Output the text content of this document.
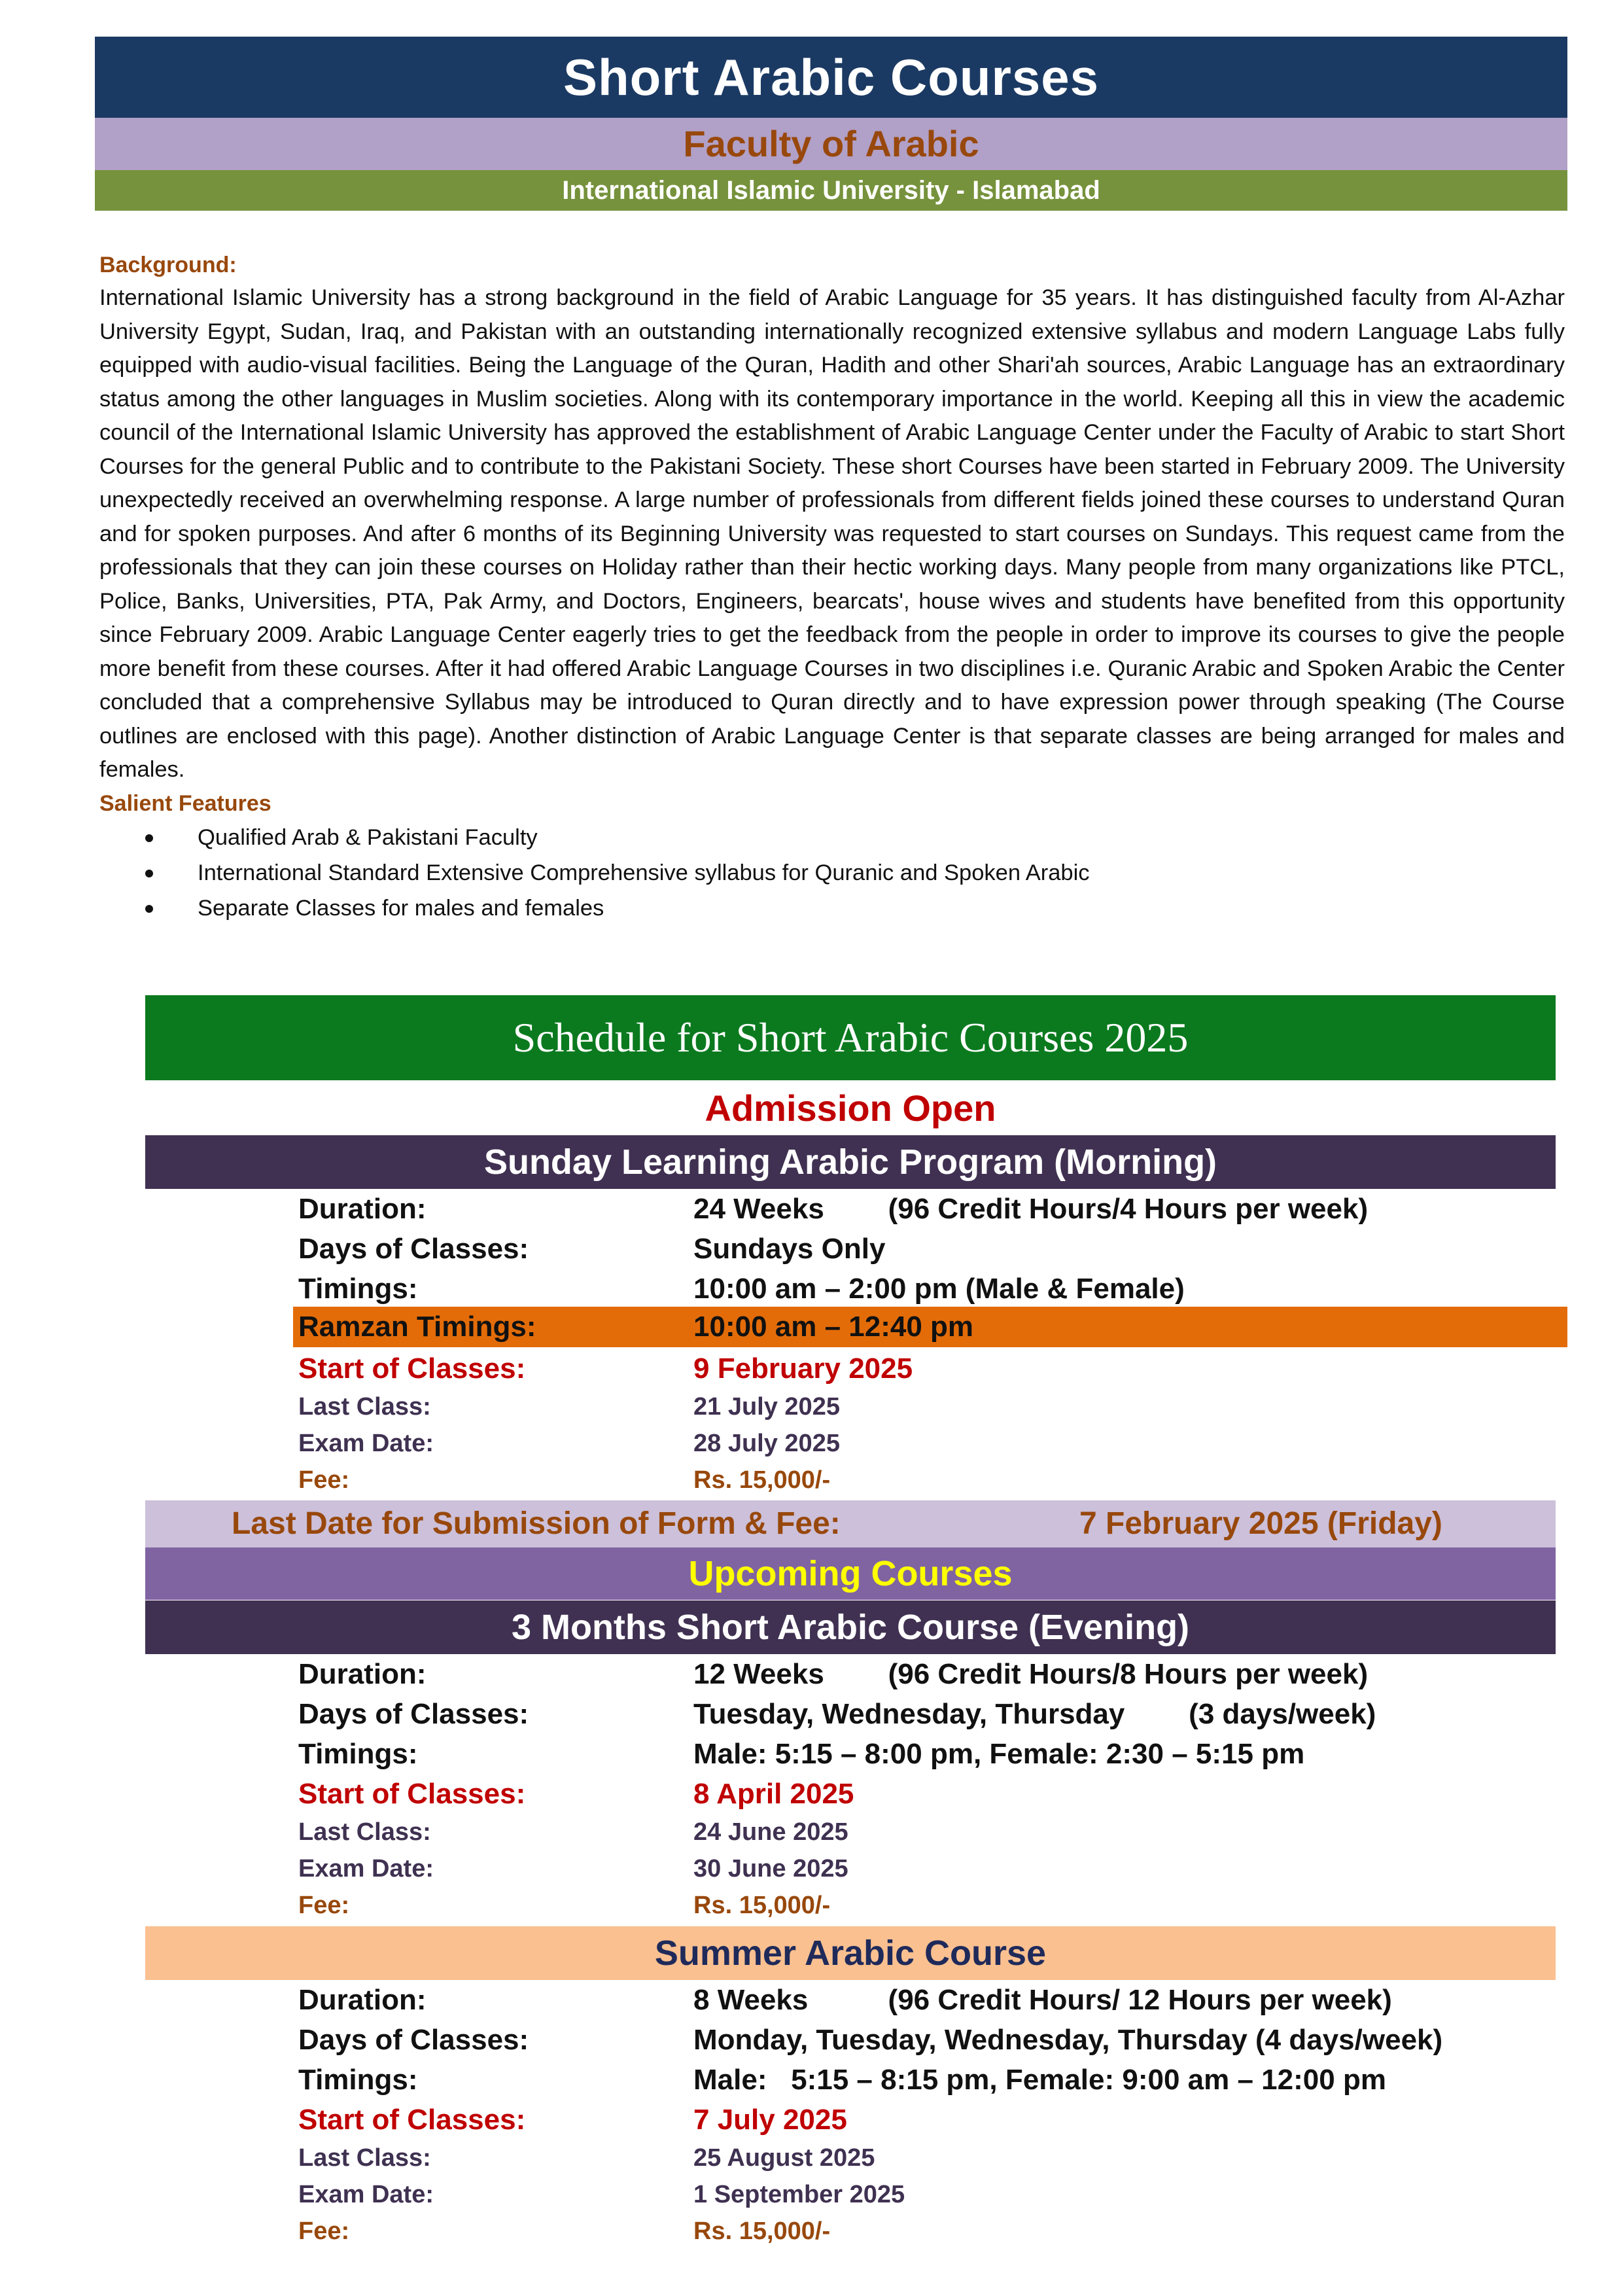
Short Arabic Courses
Faculty of Arabic
International Islamic University - Islamabad
Background:

International Islamic University has a strong background in the field of Arabic Language for 35 years. It has distinguished faculty from Al-Azhar University Egypt, Sudan, Iraq, and Pakistan with an outstanding internationally recognized extensive syllabus and modern Language Labs fully equipped with audio-visual facilities. Being the Language of the Quran, Hadith and other Shari'ah sources, Arabic Language has an extraordinary status among the other languages in Muslim societies. Along with its contemporary importance in the world. Keeping all this in view the academic council of the International Islamic University has approved the establishment of Arabic Language Center under the Faculty of Arabic to start Short Courses for the general Public and to contribute to the Pakistani Society. These short Courses have been started in February 2009. The University unexpectedly received an overwhelming response. A large number of professionals from different fields joined these courses to understand Quran and for spoken purposes. And after 6 months of its Beginning University was requested to start courses on Sundays. This request came from the professionals that they can join these courses on Holiday rather than their hectic working days. Many people from many organizations like PTCL, Police, Banks, Universities, PTA, Pak Army, and Doctors, Engineers, bearcats', house wives and students have benefited from this opportunity since February 2009. Arabic Language Center eagerly tries to get the feedback from the people in order to improve its courses to give the people more benefit from these courses. After it had offered Arabic Language Courses in two disciplines i.e. Quranic Arabic and Spoken Arabic the Center concluded that a comprehensive Syllabus may be introduced to Quran directly and to have expression power through speaking (The Course outlines are enclosed with this page). Another distinction of Arabic Language Center is that separate classes are being arranged for males and females.

Salient Features
Qualified Arab & Pakistani Faculty
International Standard Extensive Comprehensive syllabus for Quranic and Spoken Arabic
Separate Classes for males and females
Schedule for Short Arabic Courses 2025
Admission Open
Sunday Learning Arabic Program (Morning)
Duration:	24 Weeks        (96 Credit Hours/4 Hours per week)
Days of Classes:	Sundays Only
Timings:	10:00 am – 2:00 pm (Male & Female)
Ramzan Timings:	10:00 am – 12:40 pm
Start of Classes:	9 February 2025
Last Class:	21 July 2025
Exam Date:	28 July 2025
Fee:	Rs. 15,000/-
Last Date for Submission of Form & Fee:	7 February 2025 (Friday)
Upcoming Courses
3 Months Short Arabic Course (Evening)
Duration:	12 Weeks        (96 Credit Hours/8 Hours per week)
Days of Classes:	Tuesday, Wednesday, Thursday        (3 days/week)
Timings:	Male: 5:15 – 8:00 pm, Female: 2:30 – 5:15 pm
Start of Classes:	8 April 2025
Last Class:	24 June 2025
Exam Date:	30 June 2025
Fee:	Rs. 15,000/-
Summer Arabic Course
Duration:	8 Weeks          (96 Credit Hours/ 12 Hours per week)
Days of Classes:	Monday, Tuesday, Wednesday, Thursday (4 days/week)
Timings:	Male:   5:15 – 8:15 pm, Female: 9:00 am – 12:00 pm
Start of Classes:	7 July 2025
Last Class:	25 August 2025
Exam Date:	1 September 2025
Fee:	Rs. 15,000/-
